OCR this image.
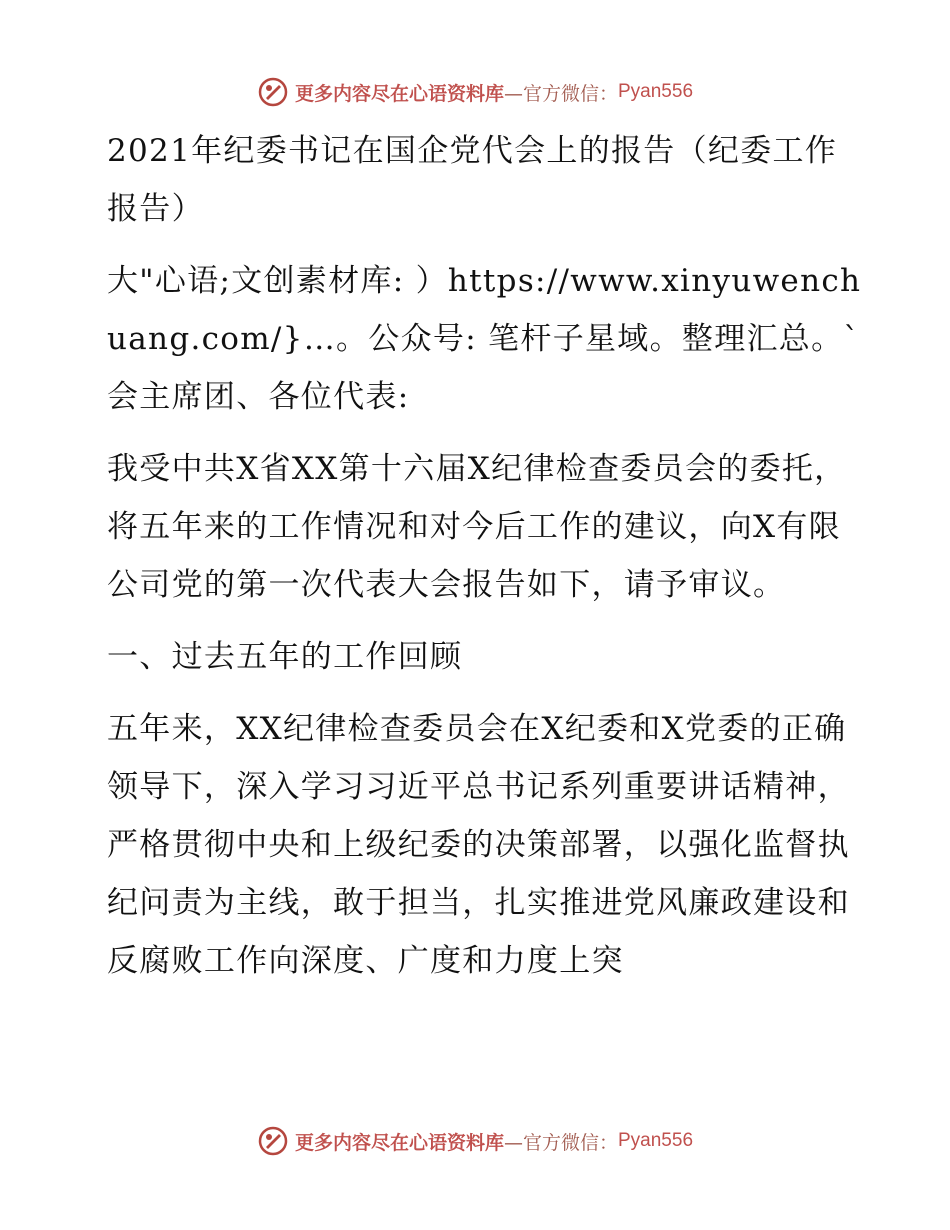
更多内容尽在心语资料库 —官方微信： Pyan556

2021年纪委书记在国企党代会上的报告（纪委工作报告）

大"心语;文创素材库: ）https://www.xinyuwenchuang.com/}…。公众号: 笔杆子星域。整理汇总。`会主席团、各位代表:

我受中共X省XX第十六届X纪律检查委员会的委托，将五年来的工作情况和对今后工作的建议，向X有限公司党的第一次代表大会报告如下，请予审议。

一、过去五年的工作回顾

五年来，XX纪律检查委员会在X纪委和X党委的正确领导下，深入学习习近平总书记系列重要讲话精神，严格贯彻中央和上级纪委的决策部署，以强化监督执纪问责为主线，敢于担当，扎实推进党风廉政建设和反腐败工作向深度、广度和力度上突

更多内容尽在心语资料库 —官方微信： Pyan556
